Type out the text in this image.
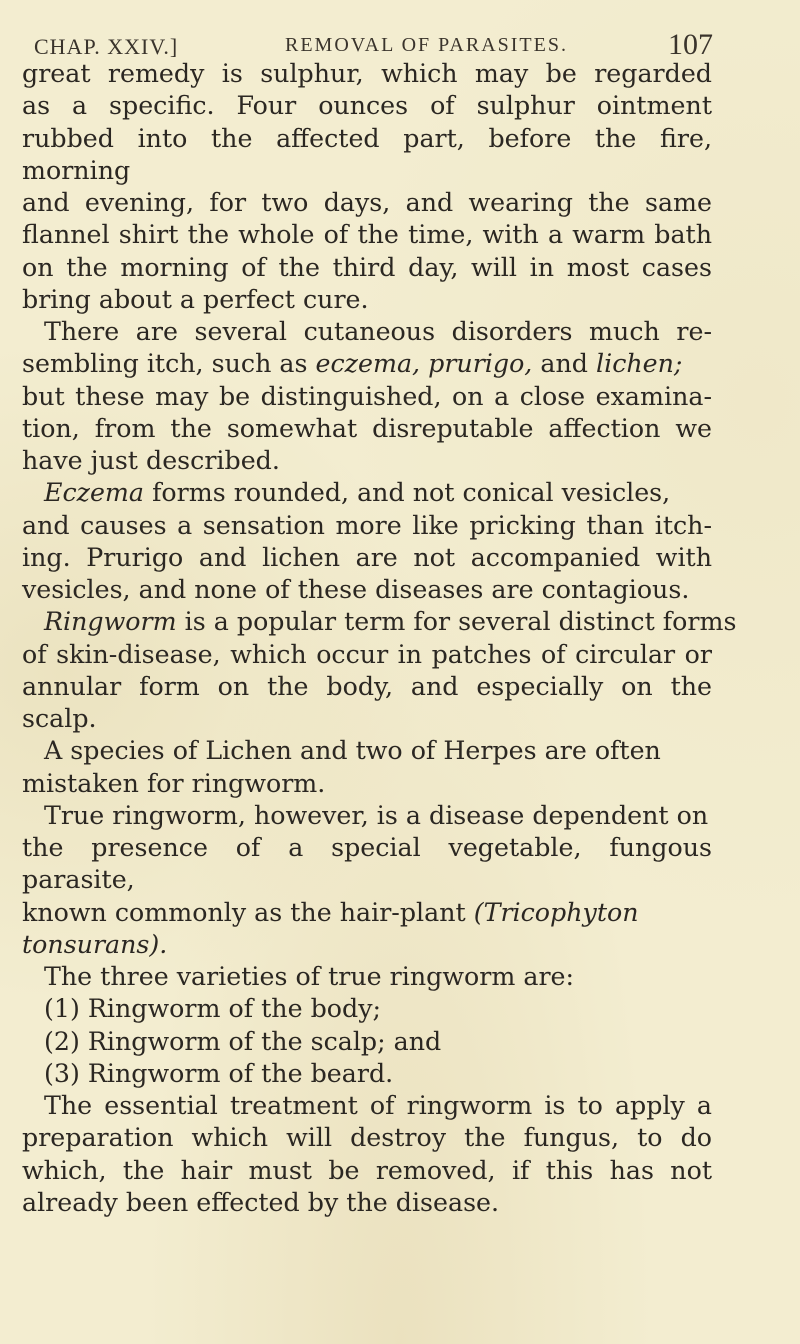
CHAP. XXIV.]	REMOVAL OF PARASITES.	107
great remedy is sulphur, which may be regarded
as a specific. Four ounces of sulphur ointment
rubbed into the affected part, before the fire, morning
and evening, for two days, and wearing the same
flannel shirt the whole of the time, with a warm bath
on the morning of the third day, will in most cases
bring about a perfect cure.
There are several cutaneous disorders much re-
sembling itch, such as eczema, prurigo, and lichen;
but these may be distinguished, on a close examina-
tion, from the somewhat disreputable affection we
have just described.
Eczema forms rounded, and not conical vesicles,
and causes a sensation more like pricking than itch-
ing. Prurigo and lichen are not accompanied with
vesicles, and none of these diseases are contagious.
Ringworm is a popular term for several distinct forms
of skin-disease, which occur in patches of circular or
annular form on the body, and especially on the scalp.
A species of Lichen and two of Herpes are often
mistaken for ringworm.
True ringworm, however, is a disease dependent on
the presence of a special vegetable, fungous parasite,
known commonly as the hair-plant (Tricophyton
tonsurans).
The three varieties of true ringworm are:
(1) Ringworm of the body;
(2) Ringworm of the scalp; and
(3) Ringworm of the beard.
The essential treatment of ringworm is to apply a
preparation which will destroy the fungus, to do
which, the hair must be removed, if this has not
already been effected by the disease.
